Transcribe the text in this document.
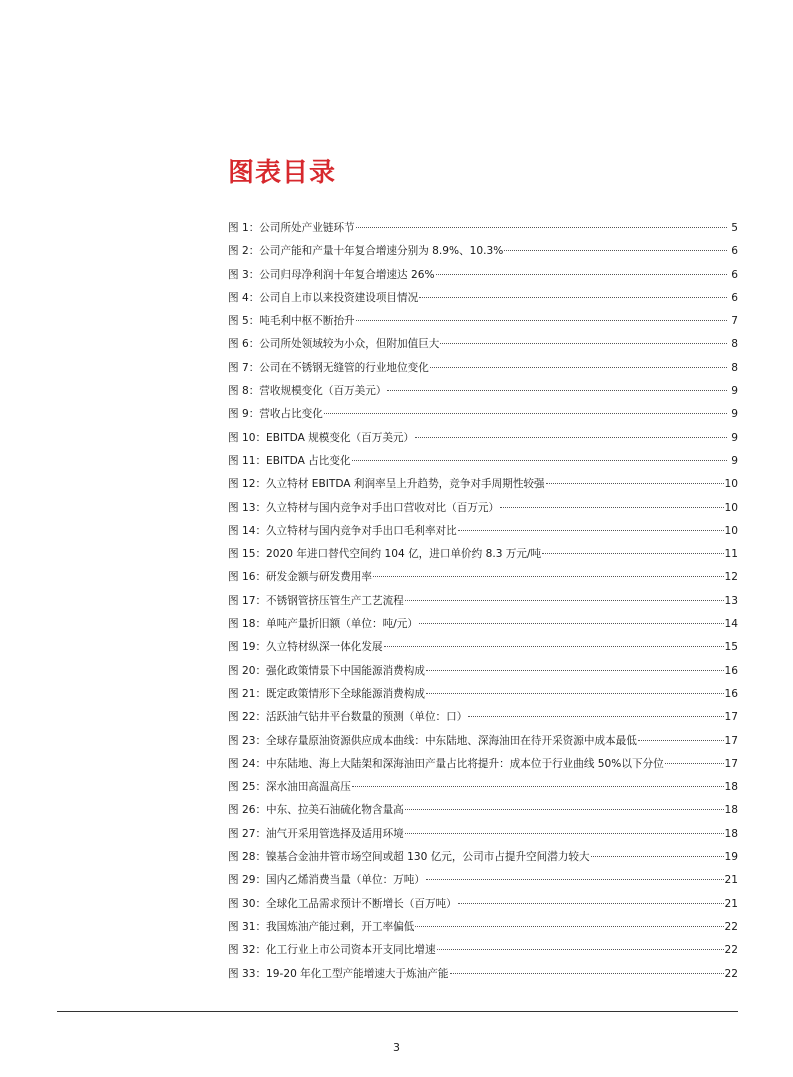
图表目录
图 1：公司所处产业链环节	5
图 2：公司产能和产量十年复合增速分别为 8.9%、10.3%	6
图 3：公司归母净利润十年复合增速达 26%	6
图 4：公司自上市以来投资建设项目情况	6
图 5：吨毛利中枢不断抬升	7
图 6：公司所处领域较为小众，但附加值巨大	8
图 7：公司在不锈钢无缝管的行业地位变化	8
图 8：营收规模变化（百万美元）	9
图 9：营收占比变化	9
图 10：EBITDA 规模变化（百万美元）	9
图 11：EBITDA 占比变化	9
图 12：久立特材 EBITDA 利润率呈上升趋势，竞争对手周期性较强	10
图 13：久立特材与国内竞争对手出口营收对比（百万元）	10
图 14：久立特材与国内竞争对手出口毛利率对比	10
图 15：2020 年进口替代空间约 104 亿，进口单价约 8.3 万元/吨	11
图 16：研发金额与研发费用率	12
图 17：不锈钢管挤压管生产工艺流程	13
图 18：单吨产量折旧额（单位：吨/元）	14
图 19：久立特材纵深一体化发展	15
图 20：强化政策情景下中国能源消费构成	16
图 21：既定政策情形下全球能源消费构成	16
图 22：活跃油气钻井平台数量的预测（单位：口）	17
图 23：全球存量原油资源供应成本曲线：中东陆地、深海油田在待开采资源中成本最低	17
图 24：中东陆地、海上大陆架和深海油田产量占比将提升：成本位于行业曲线 50%以下分位	17
图 25：深水油田高温高压	18
图 26：中东、拉美石油硫化物含量高	18
图 27：油气开采用管选择及适用环境	18
图 28：镍基合金油井管市场空间或超 130 亿元，公司市占提升空间潜力较大	19
图 29：国内乙烯消费当量（单位：万吨）	21
图 30：全球化工品需求预计不断增长（百万吨）	21
图 31：我国炼油产能过剩，开工率偏低	22
图 32：化工行业上市公司资本开支同比增速	22
图 33：19-20 年化工型产能增速大于炼油产能	22
3
